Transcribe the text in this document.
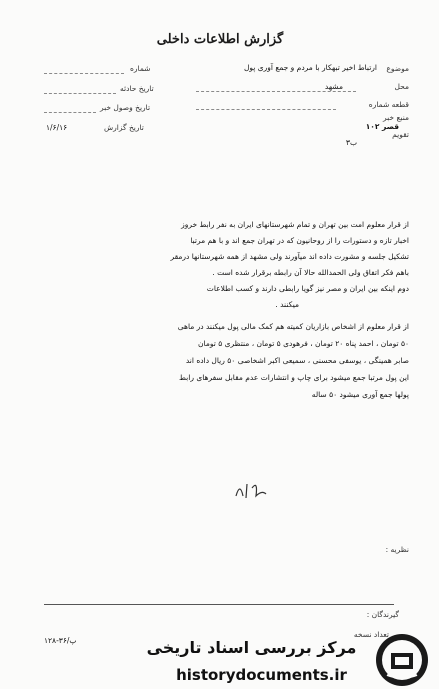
گزارش اطلاعات داخلی
شماره
تاریخ حادثه
تاریخ وصول خبر
تاریخ گزارش
۱/۶/۱۶
موضوع
ارتباط اخیر تبهکار با مردم و جمع آوری پول
محل
مشهد
قطعه شماره
منبع خبر
قصر ۱۰۲
تقویم
ب۳
از قرار معلوم امت بین تهران و تمام شهرستانهای ایران به نفر رابط خروز
اخبار تازه و دستورات را از روحانیون که در تهران جمع اند و با هم مرتبا
تشکیل جلسه و مشورت داده اند میآورند ولی مشهد از همه شهرستانها درمقر
باهم فکر اتفاق ولی الحمدالله حالا آن رابطه برقرار شده است .
دوم اینکه بین ایران و مصر نیز گویا رابطی دارند و کسب اطلاعات
میکنند .
از قرار معلوم از اشخاص بازاریان کمیته هم کمک مالی پول میکنند در ماهی
۵۰ تومان ، احمد پناه ۲۰ تومان ، فرهودی ۵ تومان ، منتظری ۵ تومان
صابر همینگی ، یوسفی محسنی ، سمیعی اکبر اشخاصی ۵۰ ریال داده اند
این پول مرتبا جمع میشود برای چاپ و انتشارات عدم مقابل سفرهای رابط
پولها جمع آوری میشود ۵۰ ساله
نظریه :
گیرندگان :
تعداد نسخه
۱۲۸-۳۶/پ	مرکز بررسی اسناد تاریخی
historydocuments.ir
